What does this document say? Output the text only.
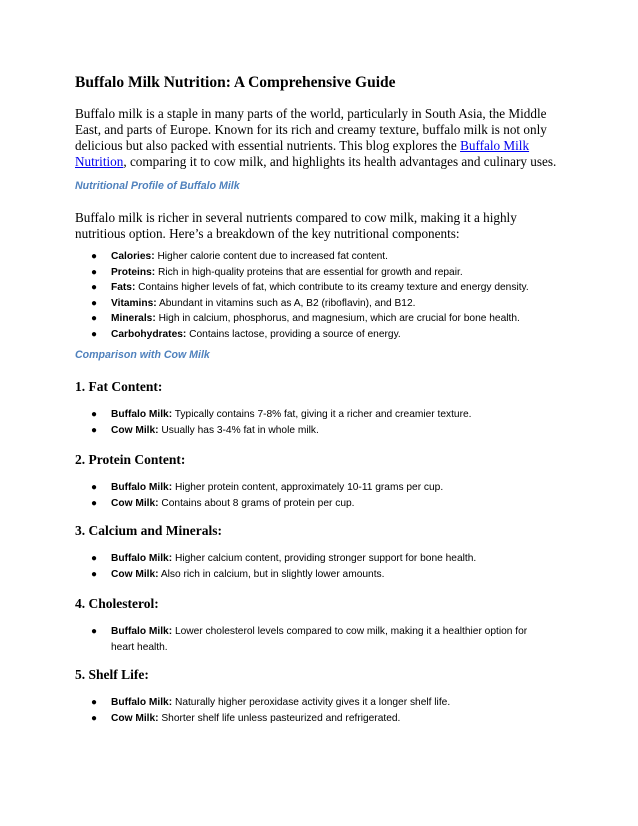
Buffalo Milk Nutrition: A Comprehensive Guide

Buffalo milk is a staple in many parts of the world, particularly in South Asia, the Middle East, and parts of Europe. Known for its rich and creamy texture, buffalo milk is not only delicious but also packed with essential nutrients. This blog explores the Buffalo Milk Nutrition, comparing it to cow milk, and highlights its health advantages and culinary uses.

Nutritional Profile of Buffalo Milk

Buffalo milk is richer in several nutrients compared to cow milk, making it a highly nutritious option. Here’s a breakdown of the key nutritional components:

● Calories: Higher calorie content due to increased fat content.
● Proteins: Rich in high-quality proteins that are essential for growth and repair.
● Fats: Contains higher levels of fat, which contribute to its creamy texture and energy density.
● Vitamins: Abundant in vitamins such as A, B2 (riboflavin), and B12.
● Minerals: High in calcium, phosphorus, and magnesium, which are crucial for bone health.
● Carbohydrates: Contains lactose, providing a source of energy.

Comparison with Cow Milk

1. Fat Content:

● Buffalo Milk: Typically contains 7-8% fat, giving it a richer and creamier texture.
● Cow Milk: Usually has 3-4% fat in whole milk.

2. Protein Content:

● Buffalo Milk: Higher protein content, approximately 10-11 grams per cup.
● Cow Milk: Contains about 8 grams of protein per cup.

3. Calcium and Minerals:

● Buffalo Milk: Higher calcium content, providing stronger support for bone health.
● Cow Milk: Also rich in calcium, but in slightly lower amounts.

4. Cholesterol:

● Buffalo Milk: Lower cholesterol levels compared to cow milk, making it a healthier option for heart health.

5. Shelf Life:

● Buffalo Milk: Naturally higher peroxidase activity gives it a longer shelf life.
● Cow Milk: Shorter shelf life unless pasteurized and refrigerated.
